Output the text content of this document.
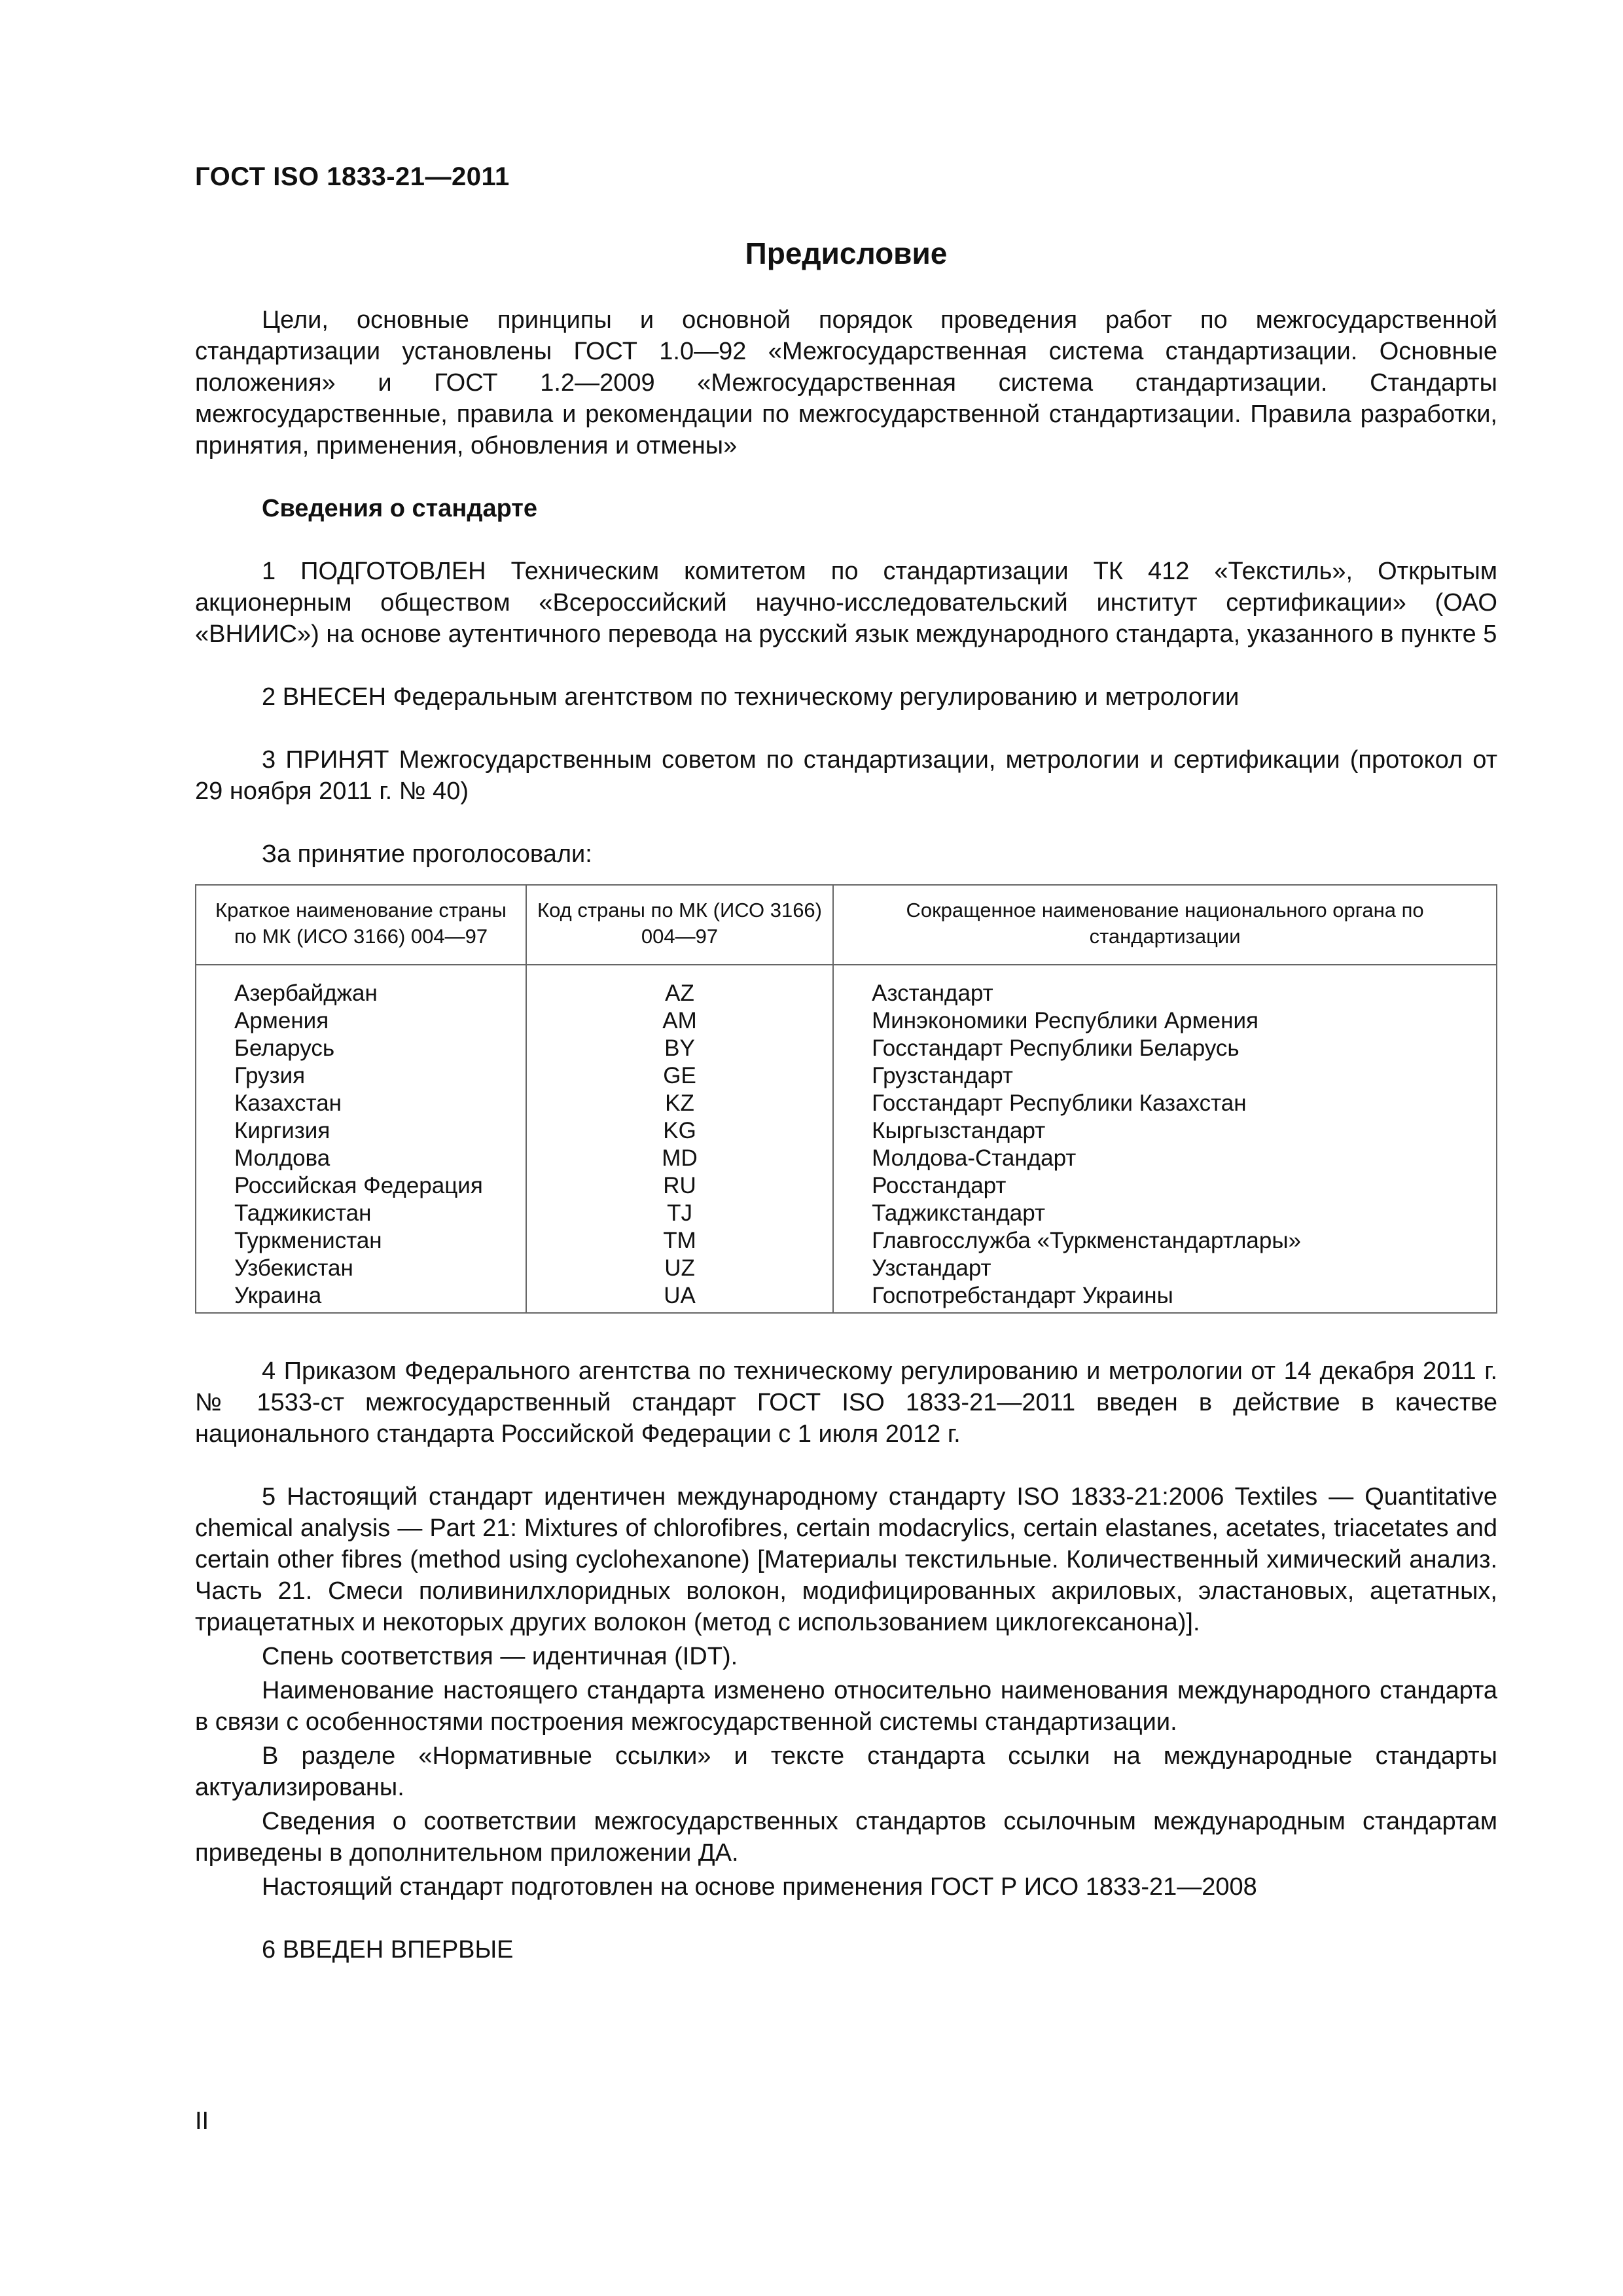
ГОСТ ISO 1833-21—2011
Предисловие

Цели, основные принципы и основной порядок проведения работ по межгосударственной стандартизации установлены ГОСТ 1.0—92 «Межгосударственная система стандартизации. Основные положения» и ГОСТ 1.2—2009 «Межгосударственная система стандартизации. Стандарты межгосударственные, правила и рекомендации по межгосударственной стандартизации. Правила разработки, принятия, применения, обновления и отмены»

Сведения о стандарте

1 ПОДГОТОВЛЕН Техническим комитетом по стандартизации ТК 412 «Текстиль», Открытым акционерным обществом «Всероссийский научно-исследовательский институт сертификации» (ОАО «ВНИИС») на основе аутентичного перевода на русский язык международного стандарта, указанного в пункте 5

2 ВНЕСЕН Федеральным агентством по техническому регулированию и метрологии

3 ПРИНЯТ Межгосударственным советом по стандартизации, метрологии и сертификации (протокол от 29 ноября 2011 г. № 40)

За принятие проголосовали:

Краткое наименование страны по МК (ИСО 3166) 004—97	Код страны по МК (ИСО 3166) 004—97	Сокращенное наименование национального органа по стандартизации
Азербайджан	AZ	Азстандарт
Армения	AM	Минэкономики Республики Армения
Беларусь	BY	Госстандарт Республики Беларусь
Грузия	GE	Грузстандарт
Казахстан	KZ	Госстандарт Республики Казахстан
Киргизия	KG	Кыргызстандарт
Молдова	MD	Молдова-Стандарт
Российская Федерация	RU	Росстандарт
Таджикистан	TJ	Таджикстандарт
Туркменистан	TM	Главгосслужба «Туркменстандартлары»
Узбекистан	UZ	Узстандарт
Украина	UA	Госпотребстандарт Украины

4 Приказом Федерального агентства по техническому регулированию и метрологии от 14 декабря 2011 г. № 1533-ст межгосударственный стандарт ГОСТ ISO 1833-21—2011 введен в действие в качестве национального стандарта Российской Федерации с 1 июля 2012 г.

5 Настоящий стандарт идентичен международному стандарту ISO 1833-21:2006 Textiles — Quantitative chemical analysis — Part 21: Mixtures of chlorofibres, certain modacrylics, certain elastanes, acetates, triacetates and certain other fibres (method using cyclohexanone) [Материалы текстильные. Количественный химический анализ. Часть 21. Смеси поливинилхлоридных волокон, модифицированных акриловых, эластановых, ацетатных, триацетатных и некоторых других волокон (метод с использованием циклогексанона)].

Спень соответствия — идентичная (IDT).

Наименование настоящего стандарта изменено относительно наименования международного стандарта в связи с особенностями построения межгосударственной системы стандартизации.

В разделе «Нормативные ссылки» и тексте стандарта ссылки на международные стандарты актуализированы.

Сведения о соответствии межгосударственных стандартов ссылочным международным стандартам приведены в дополнительном приложении ДА.

Настоящий стандарт подготовлен на основе применения ГОСТ Р ИСО 1833-21—2008

6 ВВЕДЕН ВПЕРВЫЕ

II
